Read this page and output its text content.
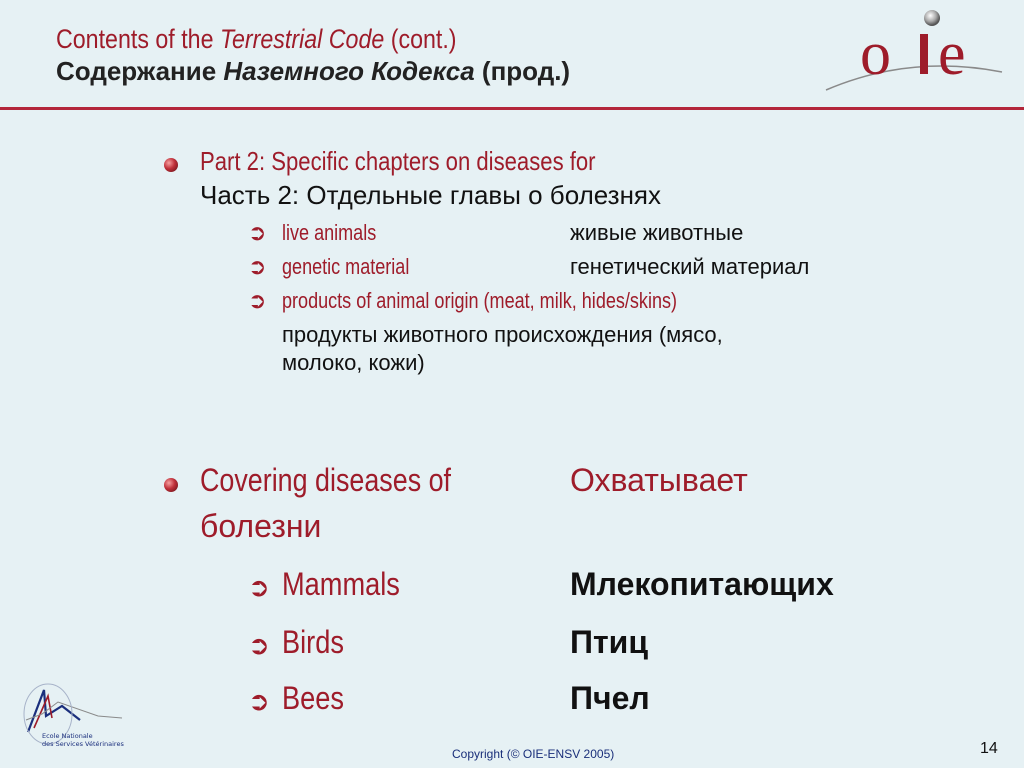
Contents of the Terrestrial Code (cont.)
Содержание Наземного Кодекса (прод.)	o e
Part 2: Specific chapters on diseases for
Часть 2: Отдельные главы о болезнях
➲ live animals	живые животные
➲ genetic material	генетический материал
➲ products of animal origin (meat, milk, hides/skins)
продукты животного происхождения (мясо,
молоко, кожи)
Covering diseases of	Охватывает
болезни
➲ Mammals	Млекопитающих
➲ Birds	Птиц
➲ Bees	Пчел
Ecole Nationale
des Services Vétérinaires
Copyright (© OIE-ENSV 2005)	14
